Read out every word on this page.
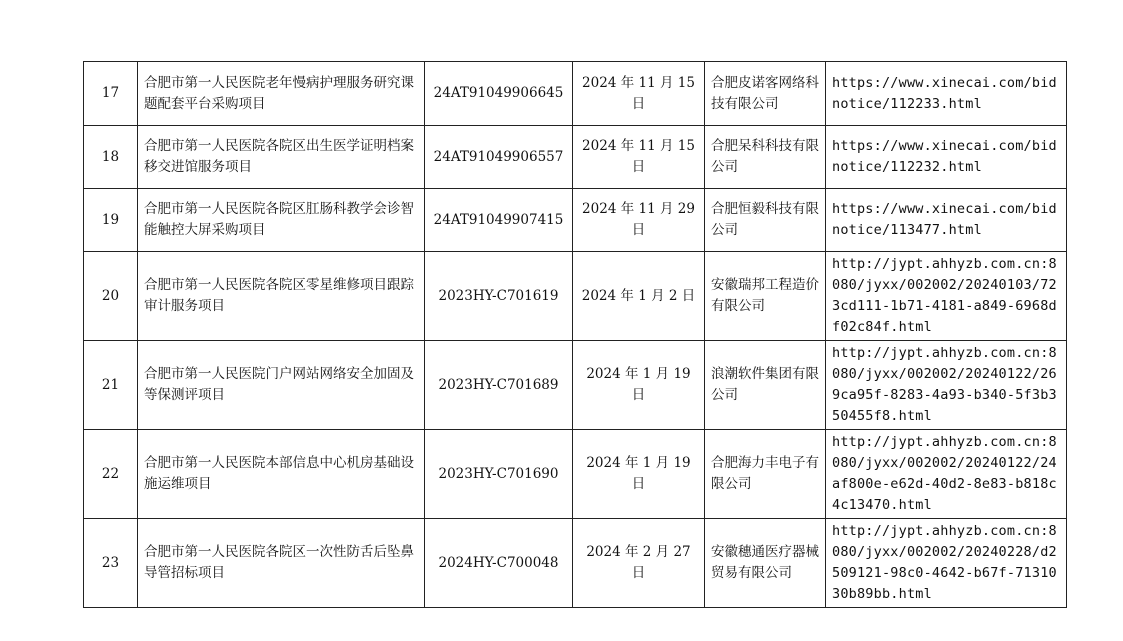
17	合肥市第一人民医院老年慢病护理服务研究课题配套平台采购项目	24AT91049906645	2024 年 11 月 15 日	合肥皮诺客网络科技有限公司	https://www.xinecai.com/bidnotice/112233.html
18	合肥市第一人民医院各院区出生医学证明档案移交进馆服务项目	24AT91049906557	2024 年 11 月 15 日	合肥呆科科技有限公司	https://www.xinecai.com/bidnotice/112232.html
19	合肥市第一人民医院各院区肛肠科教学会诊智能触控大屏采购项目	24AT91049907415	2024 年 11 月 29 日	合肥恒毅科技有限公司	https://www.xinecai.com/bidnotice/113477.html
20	合肥市第一人民医院各院区零星维修项目跟踪审计服务项目	2023HY-C701619	2024 年 1 月 2 日	安徽瑞邦工程造价有限公司	http://jypt.ahhyzb.com.cn:8080/jyxx/002002/20240103/723cd111-1b71-4181-a849-6968df02c84f.html
21	合肥市第一人民医院门户网站网络安全加固及等保测评项目	2023HY-C701689	2024 年 1 月 19 日	浪潮软件集团有限公司	http://jypt.ahhyzb.com.cn:8080/jyxx/002002/20240122/269ca95f-8283-4a93-b340-5f3b350455f8.html
22	合肥市第一人民医院本部信息中心机房基础设施运维项目	2023HY-C701690	2024 年 1 月 19 日	合肥海力丰电子有限公司	http://jypt.ahhyzb.com.cn:8080/jyxx/002002/20240122/24af800e-e62d-40d2-8e83-b818c4c13470.html
23	合肥市第一人民医院各院区一次性防舌后坠鼻导管招标项目	2024HY-C700048	2024 年 2 月 27 日	安徽穗通医疗器械贸易有限公司	http://jypt.ahhyzb.com.cn:8080/jyxx/002002/20240228/d2509121-98c0-4642-b67f-7131030b89bb.html
